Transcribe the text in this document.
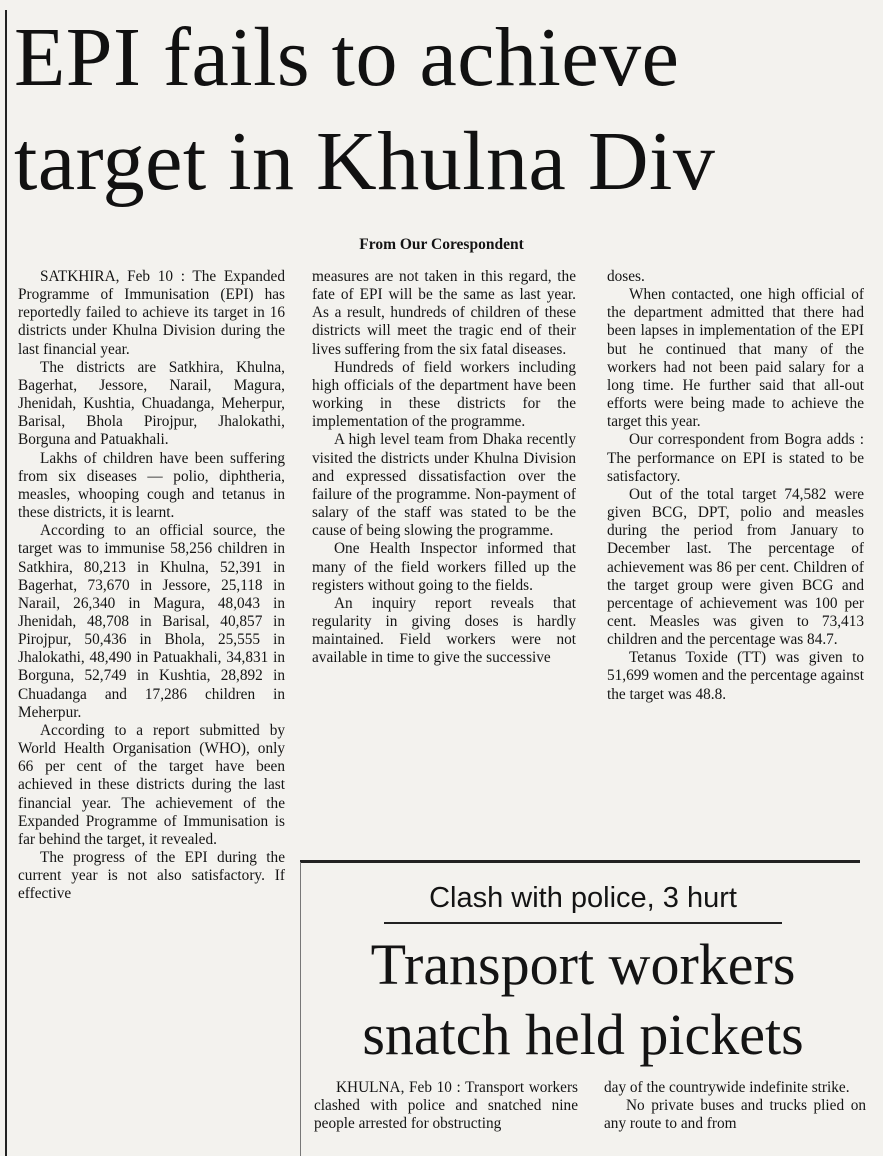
EPI fails to achieve
target in Khulna Div
From Our Corespondent

SATKHIRA, Feb 10 : The Expanded Programme of Immunisation (EPI) has reportedly failed to achieve its target in 16 districts under Khulna Division during the last financial year.

The districts are Satkhira, Khulna, Bagerhat, Jessore, Narail, Magura, Jhenidah, Kushtia, Chuadanga, Meherpur, Barisal, Bhola Pirojpur, Jhalokathi, Borguna and Patuakhali.

Lakhs of children have been suffering from six diseases — polio, diphtheria, measles, whooping cough and tetanus in these districts, it is learnt.

According to an official source, the target was to immunise 58,256 children in Satkhira, 80,213 in Khulna, 52,391 in Bagerhat, 73,670 in Jessore, 25,118 in Narail, 26,340 in Magura, 48,043 in Jhenidah, 48,708 in Barisal, 40,857 in Pirojpur, 50,436 in Bhola, 25,555 in Jhalokathi, 48,490 in Patuakhali, 34,831 in Borguna, 52,749 in Kushtia, 28,892 in Chuadanga and 17,286 children in Meherpur.

According to a report submitted by World Health Organisation (WHO), only 66 per cent of the target have been achieved in these districts during the last financial year. The achievement of the Expanded Programme of Immunisation is far behind the target, it revealed.

The progress of the EPI during the current year is not also satisfactory. If effective

measures are not taken in this regard, the fate of EPI will be the same as last year. As a result, hundreds of children of these districts will meet the tragic end of their lives suffering from the six fatal diseases.

Hundreds of field workers including high officials of the department have been working in these districts for the implementation of the programme.

A high level team from Dhaka recently visited the districts under Khulna Division and expressed dissatisfaction over the failure of the programme. Non-payment of salary of the staff was stated to be the cause of being slowing the programme.

One Health Inspector informed that many of the field workers filled up the registers without going to the fields.

An inquiry report reveals that regularity in giving doses is hardly maintained. Field workers were not available in time to give the successive

doses.

When contacted, one high official of the department admitted that there had been lapses in implementation of the EPI but he continued that many of the workers had not been paid salary for a long time. He further said that all-out efforts were being made to achieve the target this year.

Our correspondent from Bogra adds : The performance on EPI is stated to be satisfactory.

Out of the total target 74,582 were given BCG, DPT, polio and measles during the period from January to December last. The percentage of achievement was 86 per cent. Children of the target group were given BCG and percentage of achievement was 100 per cent. Measles was given to 73,413 children and the percentage was 84.7.

Tetanus Toxide (TT) was given to 51,699 women and the percentage against the target was 48.8.

Clash with police, 3 hurt
Transport workers
snatch held pickets

KHULNA, Feb 10 : Transport workers clashed with police and snatched nine people arrested for obstructing

day of the countrywide indefinite strike.

No private buses and trucks plied on any route to and from
